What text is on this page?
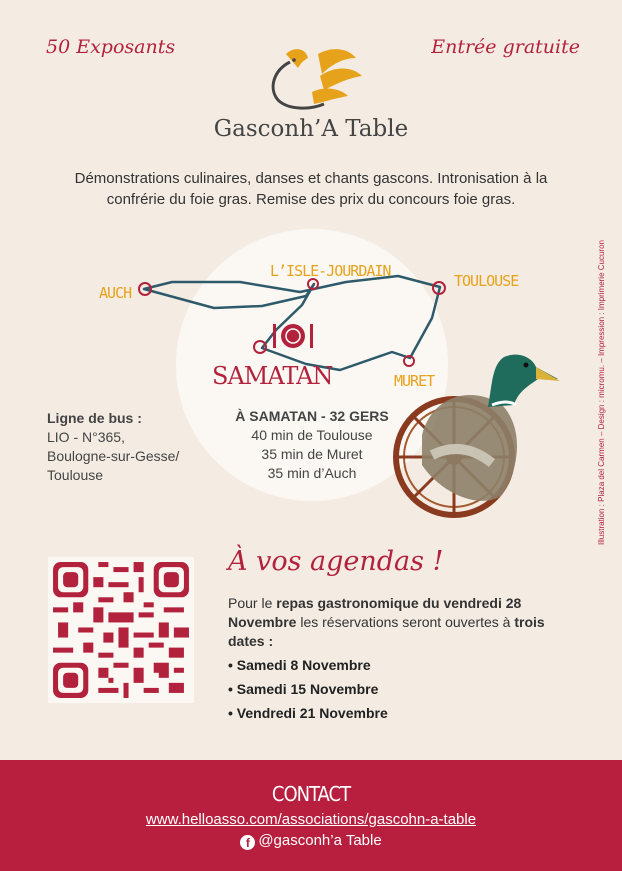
50 Exposants	Entrée gratuite
Gasconh’A Table
Démonstrations culinaires, danses et chants gascons. Intronisation à la confrérie du foie gras. Remise des prix du concours foie gras.
Illustration : Plaza del Carmen – Design : micromu. – Impression : Imprimerie Cucuron
AUCH
L’ISLE-JOURDAIN
TOULOUSE
MURET
SAMATAN
Ligne de bus :
LIO - N°365,
Boulogne-sur-Gesse/
Toulouse
À SAMATAN - 32 GERS
40 min de Toulouse
35 min de Muret
35 min d’Auch
À vos agendas !
Pour le repas gastronomique du vendredi 28 Novembre les réservations seront ouvertes à trois dates :
• Samedi 8 Novembre
• Samedi 15 Novembre
• Vendredi 21 Novembre
CONTACT
www.helloasso.com/associations/gascohn-a-table
f @gasconh’a Table
